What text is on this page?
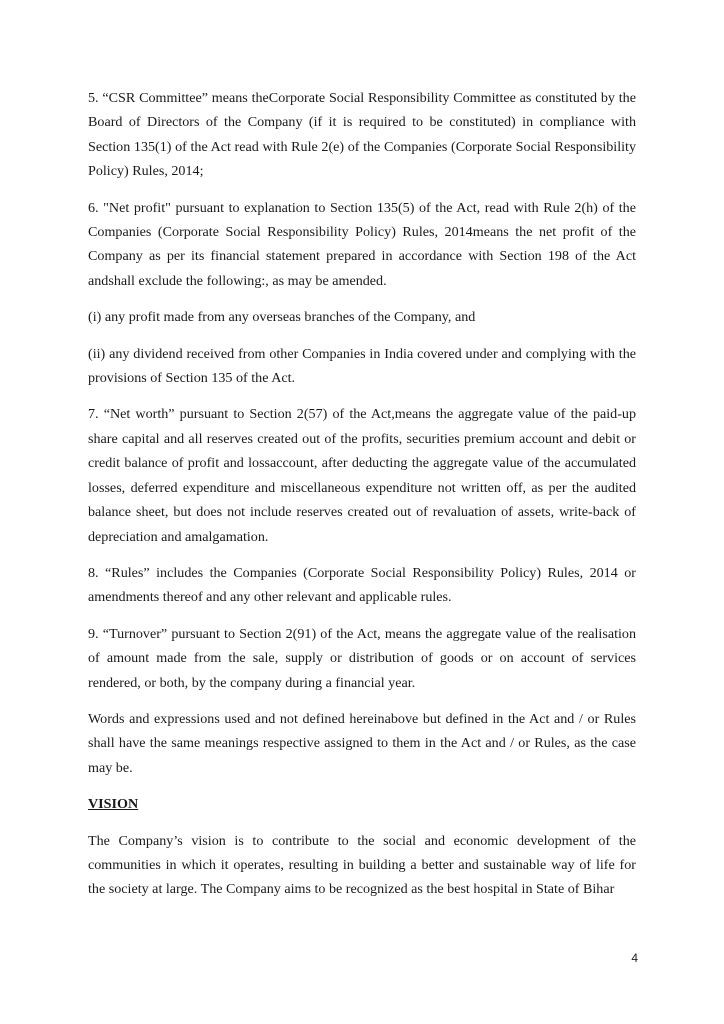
5. “CSR Committee” means theCorporate Social Responsibility Committee as constituted by the Board of Directors of the Company (if it is required to be constituted) in compliance with Section 135(1) of the Act read with Rule 2(e) of the Companies (Corporate Social Responsibility Policy) Rules, 2014;

6. "Net profit" pursuant to explanation to Section 135(5) of the Act, read with Rule 2(h) of the Companies (Corporate Social Responsibility Policy) Rules, 2014means the net profit of the Company as per its financial statement prepared in accordance with Section 198 of the Act andshall exclude the following:, as may be amended.

(i) any profit made from any overseas branches of the Company, and

(ii) any dividend received from other Companies in India covered under and complying with the provisions of Section 135 of the Act.

7. “Net worth” pursuant to Section 2(57) of the Act,means the aggregate value of the paid-up share capital and all reserves created out of the profits, securities premium account and debit or credit balance of profit and lossaccount, after deducting the aggregate value of the accumulated losses, deferred expenditure and miscellaneous expenditure not written off, as per the audited balance sheet, but does not include reserves created out of revaluation of assets, write-back of depreciation and amalgamation.

8. “Rules” includes the Companies (Corporate Social Responsibility Policy) Rules, 2014 or amendments thereof and any other relevant and applicable rules.

9. “Turnover” pursuant to Section 2(91) of the Act, means the aggregate value of the realisation of amount made from the sale, supply or distribution of goods or on account of services rendered, or both, by the company during a financial year.

Words and expressions used and not defined hereinabove but defined in the Act and / or Rules shall have the same meanings respective assigned to them in the Act and / or Rules, as the case may be.

VISION

The Company’s vision is to contribute to the social and economic development of the communities in which it operates, resulting in building a better and sustainable way of life for the society at large. The Company aims to be recognized as the best hospital in State of Bihar

4
